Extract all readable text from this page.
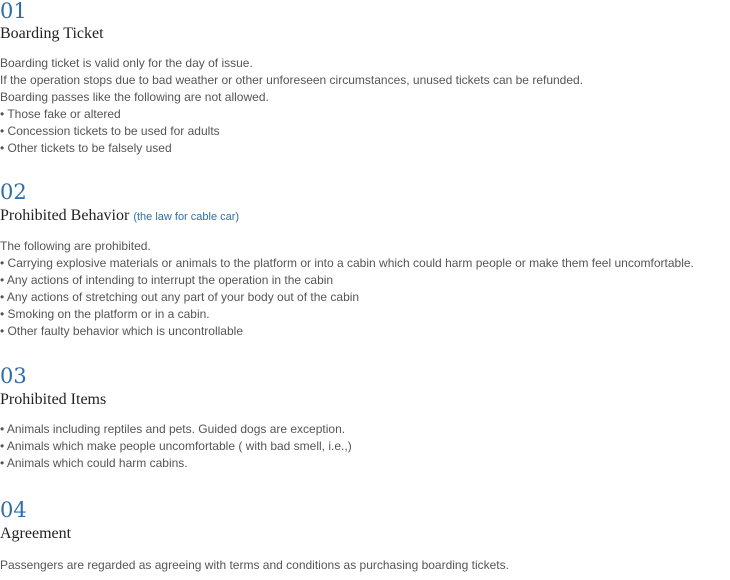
01
Boarding Ticket
Boarding ticket is valid only for the day of issue.
If the operation stops due to bad weather or other unforeseen circumstances, unused tickets can be refunded.
Boarding passes like the following are not allowed.
• Those fake or altered
• Concession tickets to be used for adults
• Other tickets to be falsely used
02
Prohibited Behavior (the law for cable car)
The following are prohibited.
• Carrying explosive materials or animals to the platform or into a cabin which could harm people or make them feel uncomfortable.
• Any actions of intending to interrupt the operation in the cabin
• Any actions of stretching out any part of your body out of the cabin
• Smoking on the platform or in a cabin.
• Other faulty behavior which is uncontrollable
03
Prohibited Items
• Animals including reptiles and pets. Guided dogs are exception.
• Animals which make people uncomfortable ( with bad smell, i.e.,)
• Animals which could harm cabins.
04
Agreement
Passengers are regarded as agreeing with terms and conditions as purchasing boarding tickets.
